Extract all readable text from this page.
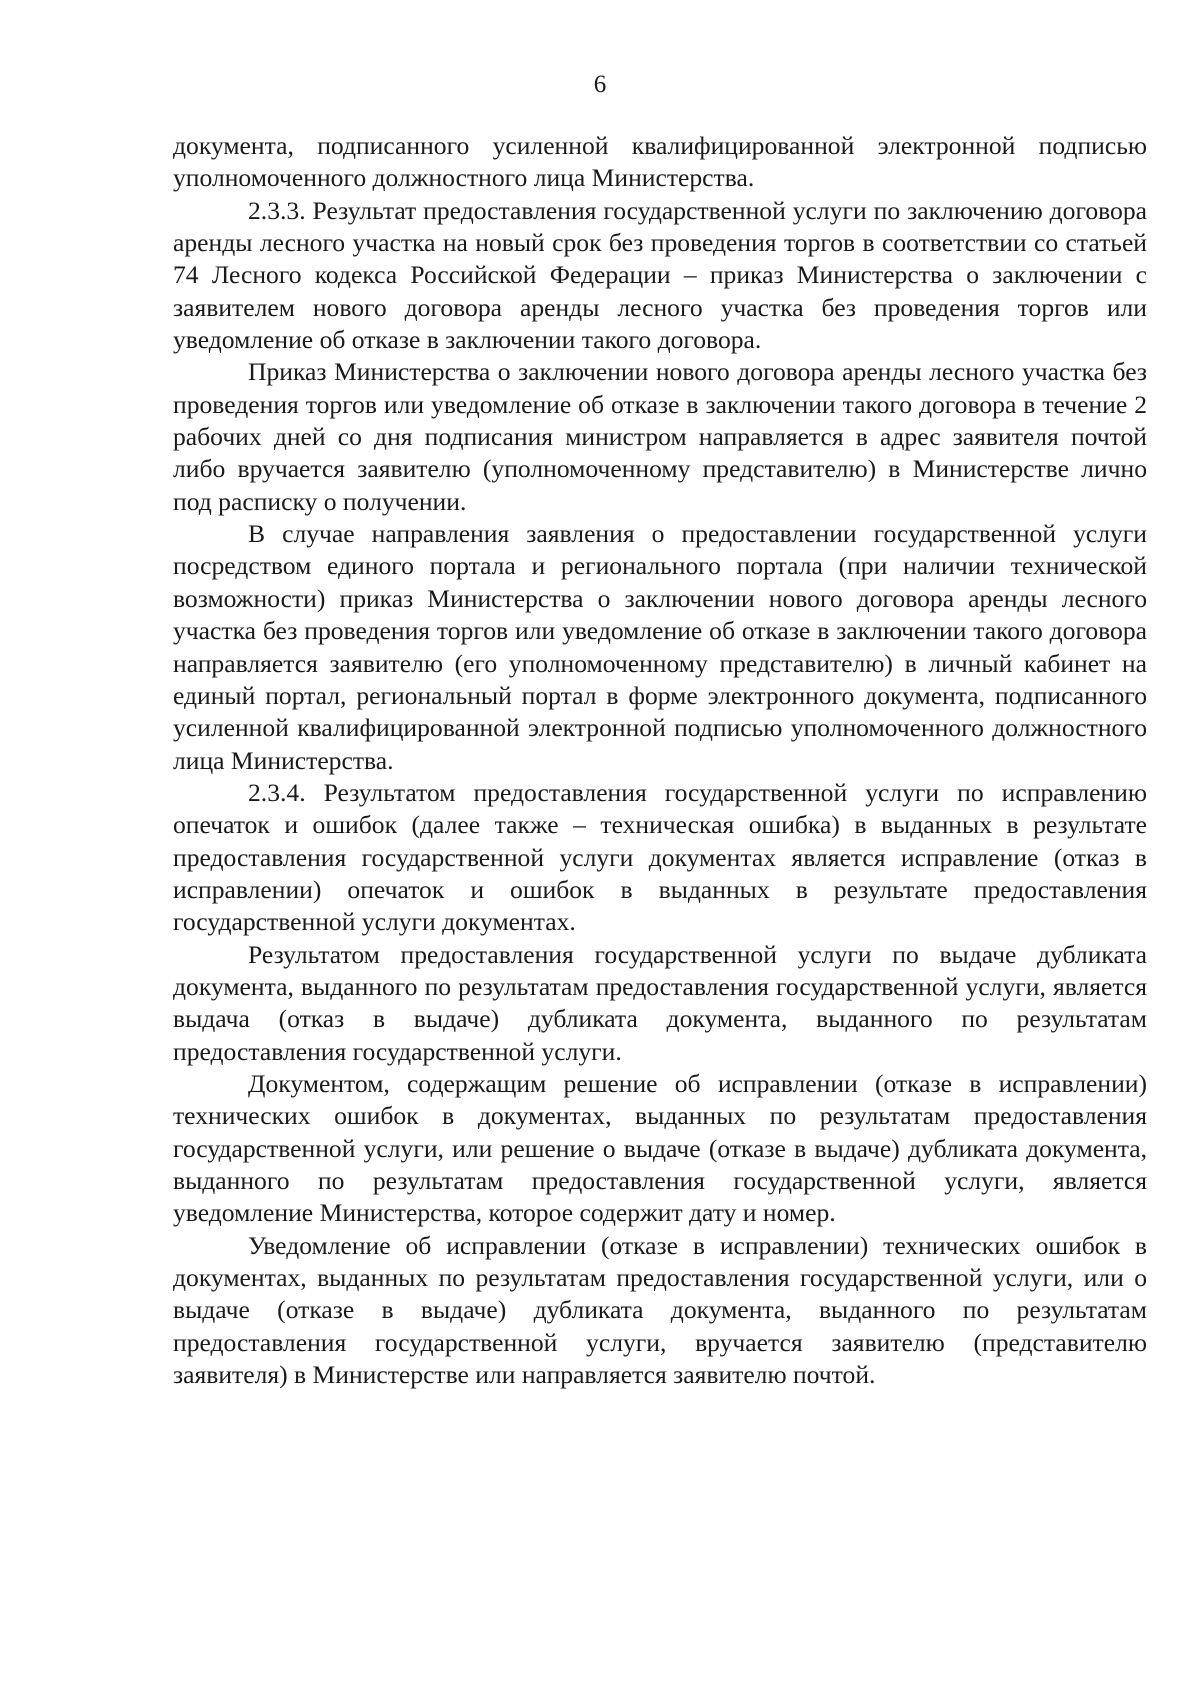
6

документа, подписанного усиленной квалифицированной электронной подписью уполномоченного должностного лица Министерства.

2.3.3. Результат предоставления государственной услуги по заключению договора аренды лесного участка на новый срок без проведения торгов в соответствии со статьей 74 Лесного кодекса Российской Федерации – приказ Министерства о заключении с заявителем нового договора аренды лесного участка без проведения торгов или уведомление об отказе в заключении такого договора.

Приказ Министерства о заключении нового договора аренды лесного участка без проведения торгов или уведомление об отказе в заключении такого договора в течение 2 рабочих дней со дня подписания министром направляется в адрес заявителя почтой либо вручается заявителю (уполномоченному представителю) в Министерстве лично под расписку о получении.

В случае направления заявления о предоставлении государственной услуги посредством единого портала и регионального портала (при наличии технической возможности) приказ Министерства о заключении нового договора аренды лесного участка без проведения торгов или уведомление об отказе в заключении такого договора направляется заявителю (его уполномоченному представителю) в личный кабинет на единый портал, региональный портал в форме электронного документа, подписанного усиленной квалифицированной электронной подписью уполномоченного должностного лица Министерства.

2.3.4. Результатом предоставления государственной услуги по исправлению опечаток и ошибок (далее также – техническая ошибка) в выданных в результате предоставления государственной услуги документах является исправление (отказ в исправлении) опечаток и ошибок в выданных в результате предоставления государственной услуги документах.

Результатом предоставления государственной услуги по выдаче дубликата документа, выданного по результатам предоставления государственной услуги, является выдача (отказ в выдаче) дубликата документа, выданного по результатам предоставления государственной услуги.

Документом, содержащим решение об исправлении (отказе в исправлении) технических ошибок в документах, выданных по результатам предоставления государственной услуги, или решение о выдаче (отказе в выдаче) дубликата документа, выданного по результатам предоставления государственной услуги, является уведомление Министерства, которое содержит дату и номер.

Уведомление об исправлении (отказе в исправлении) технических ошибок в документах, выданных по результатам предоставления государственной услуги, или о выдаче (отказе в выдаче) дубликата документа, выданного по результатам предоставления государственной услуги, вручается заявителю (представителю заявителя) в Министерстве или направляется заявителю почтой.
